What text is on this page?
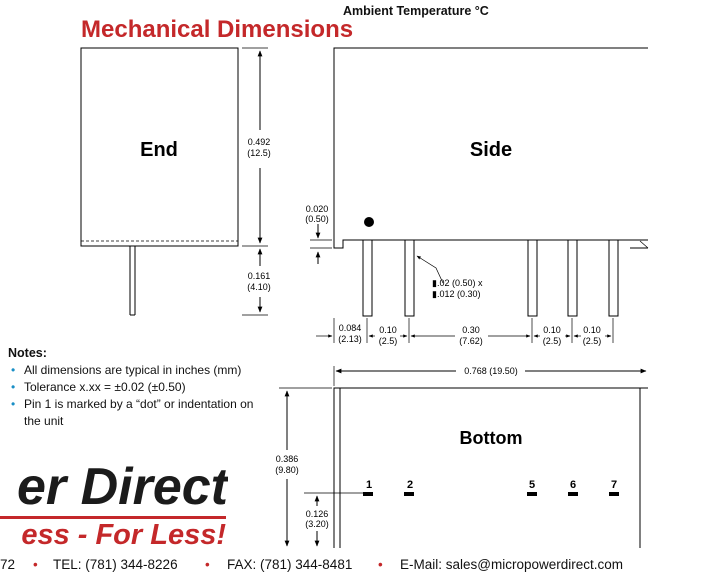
Ambient Temperature °C
Mechanical Dimensions
End	0.492
(12.5)
0.161
(4.10)
Side
0.020
(0.50)
▮.02 (0.50) x
▮.012 (0.30)
0.084
(2.13)
0.10
(2.5)
0.30
(7.62)
0.10
(2.5)
0.10
(2.5)
Bottom
0.768 (19.50)
0.386
(9.80)
0.126
(3.20)
1	2	5	6	7
Notes:
• All dimensions are typical in inches (mm)
• Tolerance x.xx = ±0.02 (±0.50)
• Pin 1 is marked by a “dot” or indentation on the unit
er Direct
ess - For Less!
72 • TEL: (781) 344-8226 • FAX: (781) 344-8481 • E-Mail: sales@micropowerdirect.com
